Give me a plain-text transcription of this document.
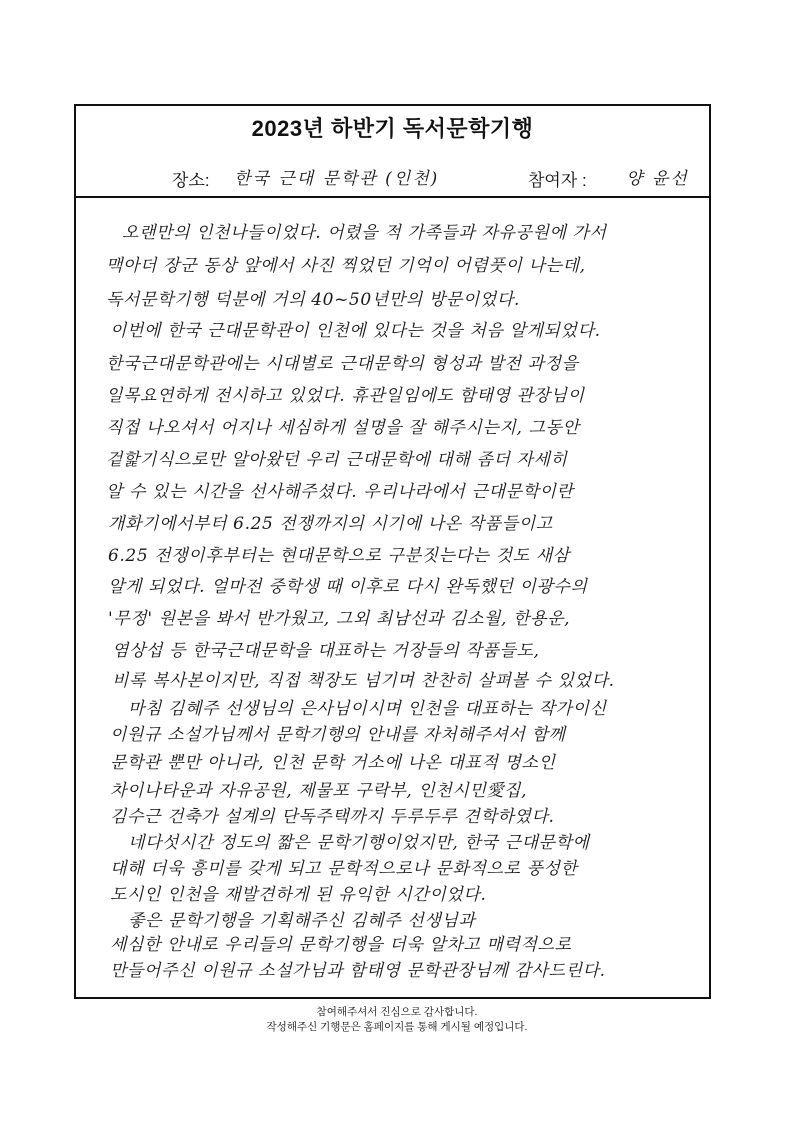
2023년 하반기 독서문학기행
장소: 한국 근대 문학관 (인천)	참여자 : 양 윤선
오랜만의 인천나들이었다. 어렸을 적 가족들과 자유공원에 가서
맥아더 장군 동상 앞에서 사진 찍었던 기억이 어렴풋이 나는데,
독서문학기행 덕분에 거의 40~50년만의 방문이었다.
이번에 한국 근대문학관이 인천에 있다는 것을 처음 알게되었다.
한국근대문학관에는 시대별로 근대문학의 형성과 발전 과정을
일목요연하게 전시하고 있었다. 휴관일임에도 함태영 관장님이
직접 나오셔서 어지나 세심하게 설명을 잘 해주시는지, 그동안
겉핥기식으로만 알아왔던 우리 근대문학에 대해 좀더 자세히
알 수 있는 시간을 선사해주셨다. 우리나라에서 근대문학이란
개화기에서부터 6.25 전쟁까지의 시기에 나온 작품들이고
6.25 전쟁이후부터는 현대문학으로 구분짓는다는 것도 새삼
알게 되었다. 얼마전 중학생 때 이후로 다시 완독했던 이광수의
'무정' 원본을 봐서 반가웠고, 그외 최남선과 김소월, 한용운,
염상섭 등 한국근대문학을 대표하는 거장들의 작품들도,
비록 복사본이지만, 직접 책장도 넘기며 찬찬히 살펴볼 수 있었다.
마침 김혜주 선생님의 은사님이시며 인천을 대표하는 작가이신
이원규 소설가님께서 문학기행의 안내를 자처해주셔서 함께
문학관 뿐만 아니라, 인천 문학 거소에 나온 대표적 명소인
차이나타운과 자유공원, 제물포 구락부, 인천시민愛집,
김수근 건축가 설계의 단독주택까지 두루두루 견학하였다.
네다섯시간 정도의 짧은 문학기행이었지만, 한국 근대문학에
대해 더욱 흥미를 갖게 되고 문학적으로나 문화적으로 풍성한
도시인 인천을 재발견하게 된 유익한 시간이었다.
좋은 문학기행을 기획해주신 김혜주 선생님과
세심한 안내로 우리들의 문학기행을 더욱 알차고 매력적으로
만들어주신 이원규 소설가님과 함태영 문학관장님께 감사드린다.
참여해주셔서 진심으로 감사합니다.
작성해주신 기행문은 홈페이지를 통해 게시될 예정입니다.
